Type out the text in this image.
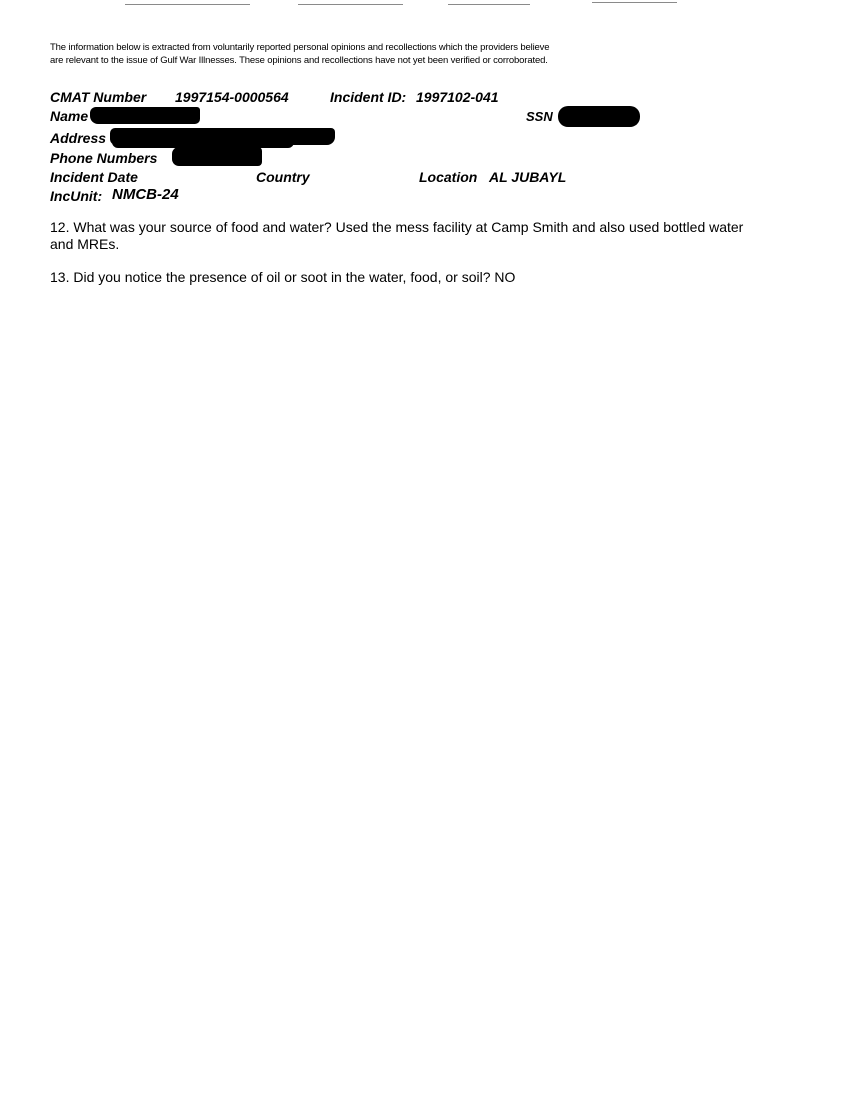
The information below is extracted from voluntarily reported personal opinions and recollections which the providers believe are relevant to the issue of Gulf War Illnesses. These opinions and recollections have not yet been verified or corroborated.
CMAT Number 1997154-0000564	Incident ID: 1997102-041
Name	SSN
Address
Phone Numbers
Incident Date	Country	Location AL JUBAYL
IncUnit: NMCB-24
12. What was your source of food and water? Used the mess facility at Camp Smith and also used bottled water and MREs.
13. Did you notice the presence of oil or soot in the water, food, or soil? NO
